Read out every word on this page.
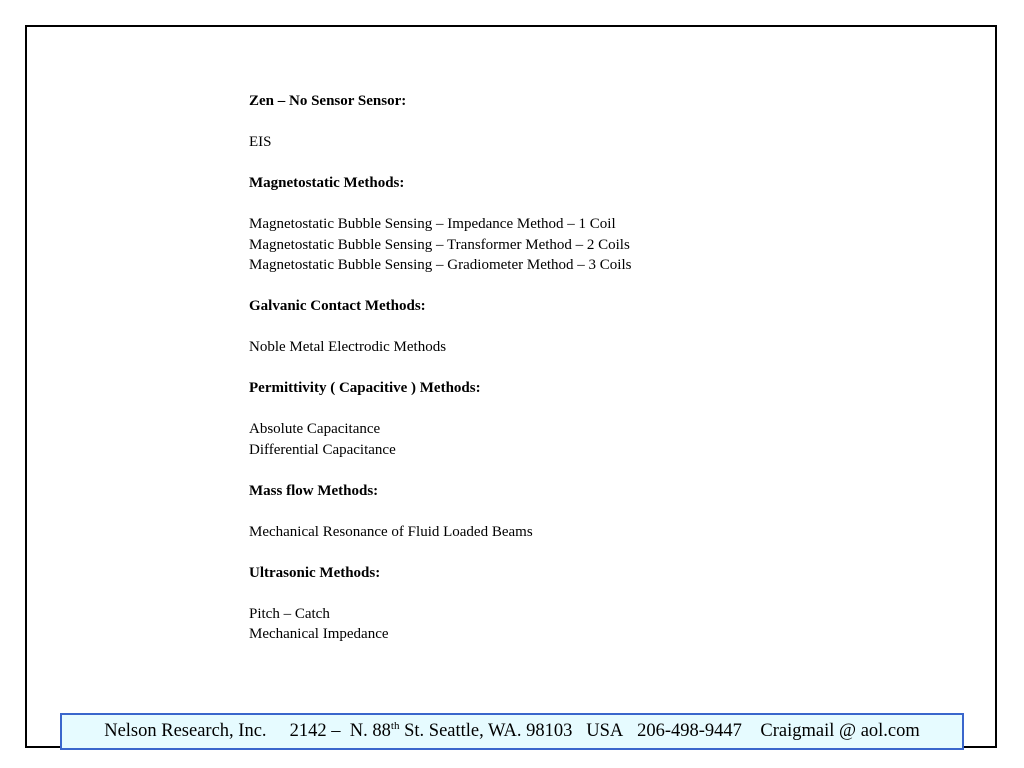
Zen – No Sensor Sensor:

EIS

Magnetostatic Methods:

Magnetostatic Bubble Sensing – Impedance Method – 1 Coil

Magnetostatic Bubble Sensing – Transformer Method – 2 Coils

Magnetostatic Bubble Sensing – Gradiometer Method – 3 Coils

Galvanic Contact Methods:

Noble Metal Electrodic Methods

Permittivity ( Capacitive ) Methods:

Absolute Capacitance

Differential Capacitance

Mass flow Methods:

Mechanical Resonance of Fluid Loaded Beams

Ultrasonic Methods:

Pitch – Catch

Mechanical Impedance

Nelson Research, Inc.
2142 –  N. 88th St. Seattle, WA. 98103
USA
206-498-9447
Craigmail @ aol.com
